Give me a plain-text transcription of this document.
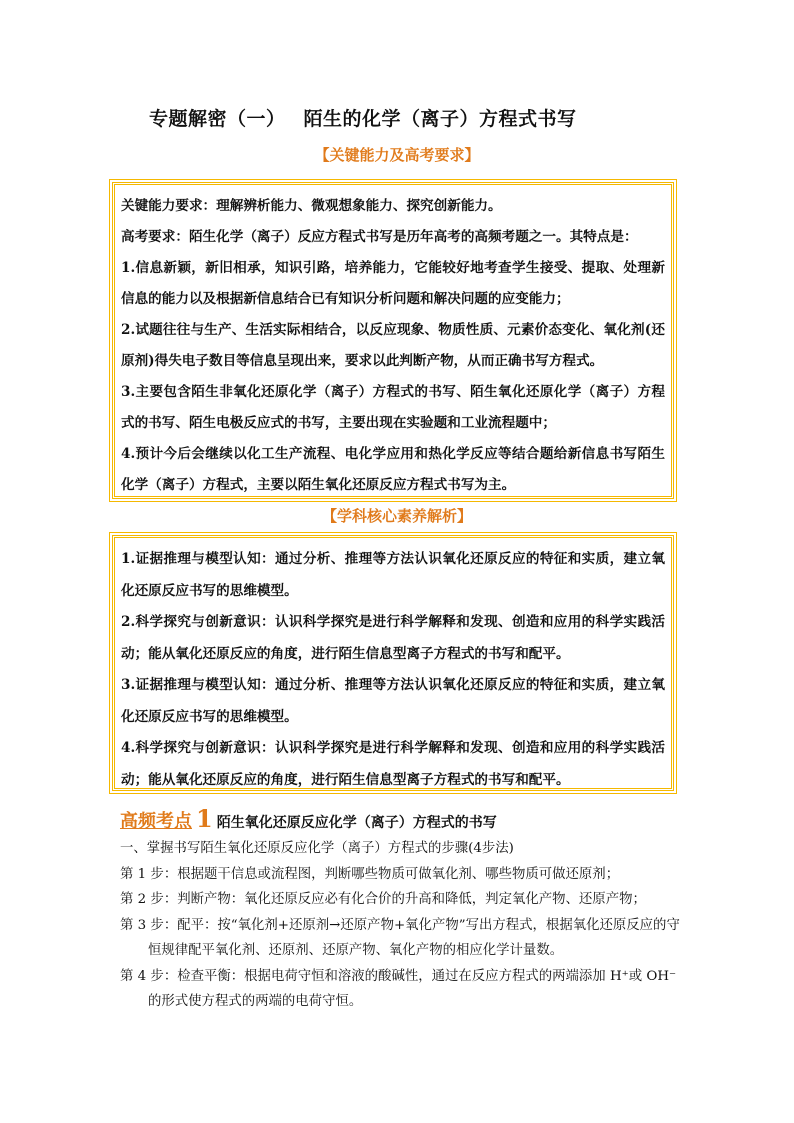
专题解密（一） 陌生的化学（离子）方程式书写
【关键能力及高考要求】

关键能力要求：理解辨析能力、微观想象能力、探究创新能力。

高考要求：陌生化学（离子）反应方程式书写是历年高考的高频考题之一。其特点是：

1.信息新颖，新旧相承，知识引路，培养能力，它能较好地考查学生接受、提取、处理新信息的能力以及根据新信息结合已有知识分析问题和解决问题的应变能力；

2.试题往往与生产、生活实际相结合，以反应现象、物质性质、元素价态变化、氧化剂(还原剂)得失电子数目等信息呈现出来，要求以此判断产物，从而正确书写方程式。

3.主要包含陌生非氧化还原化学（离子）方程式的书写、陌生氧化还原化学（离子）方程式的书写、陌生电极反应式的书写，主要出现在实验题和工业流程题中；

4.预计今后会继续以化工生产流程、电化学应用和热化学反应等结合题给新信息书写陌生化学（离子）方程式，主要以陌生氧化还原反应方程式书写为主。

【学科核心素养解析】

1.证据推理与模型认知：通过分析、推理等方法认识氧化还原反应的特征和实质，建立氧化还原反应书写的思维模型。

2.科学探究与创新意识：认识科学探究是进行科学解释和发现、创造和应用的科学实践活动；能从氧化还原反应的角度，进行陌生信息型离子方程式的书写和配平。

3.证据推理与模型认知：通过分析、推理等方法认识氧化还原反应的特征和实质，建立氧化还原反应书写的思维模型。

4.科学探究与创新意识：认识科学探究是进行科学解释和发现、创造和应用的科学实践活动；能从氧化还原反应的角度，进行陌生信息型离子方程式的书写和配平。

高频考点 1 陌生氧化还原反应化学（离子）方程式的书写

一、掌握书写陌生氧化还原反应化学（离子）方程式的步骤(4步法)

第 1 步：根据题干信息或流程图，判断哪些物质可做氧化剂、哪些物质可做还原剂；

第 2 步：判断产物：氧化还原反应必有化合价的升高和降低，判定氧化产物、还原产物；

第 3 步：配平：按“氧化剂+还原剂→还原产物+氧化产物”写出方程式，根据氧化还原反应的守恒规律配平氧化剂、还原剂、还原产物、氧化产物的相应化学计量数。

第 4 步：检查平衡：根据电荷守恒和溶液的酸碱性，通过在反应方程式的两端添加 H⁺或 OH⁻的形式使方程式的两端的电荷守恒。
